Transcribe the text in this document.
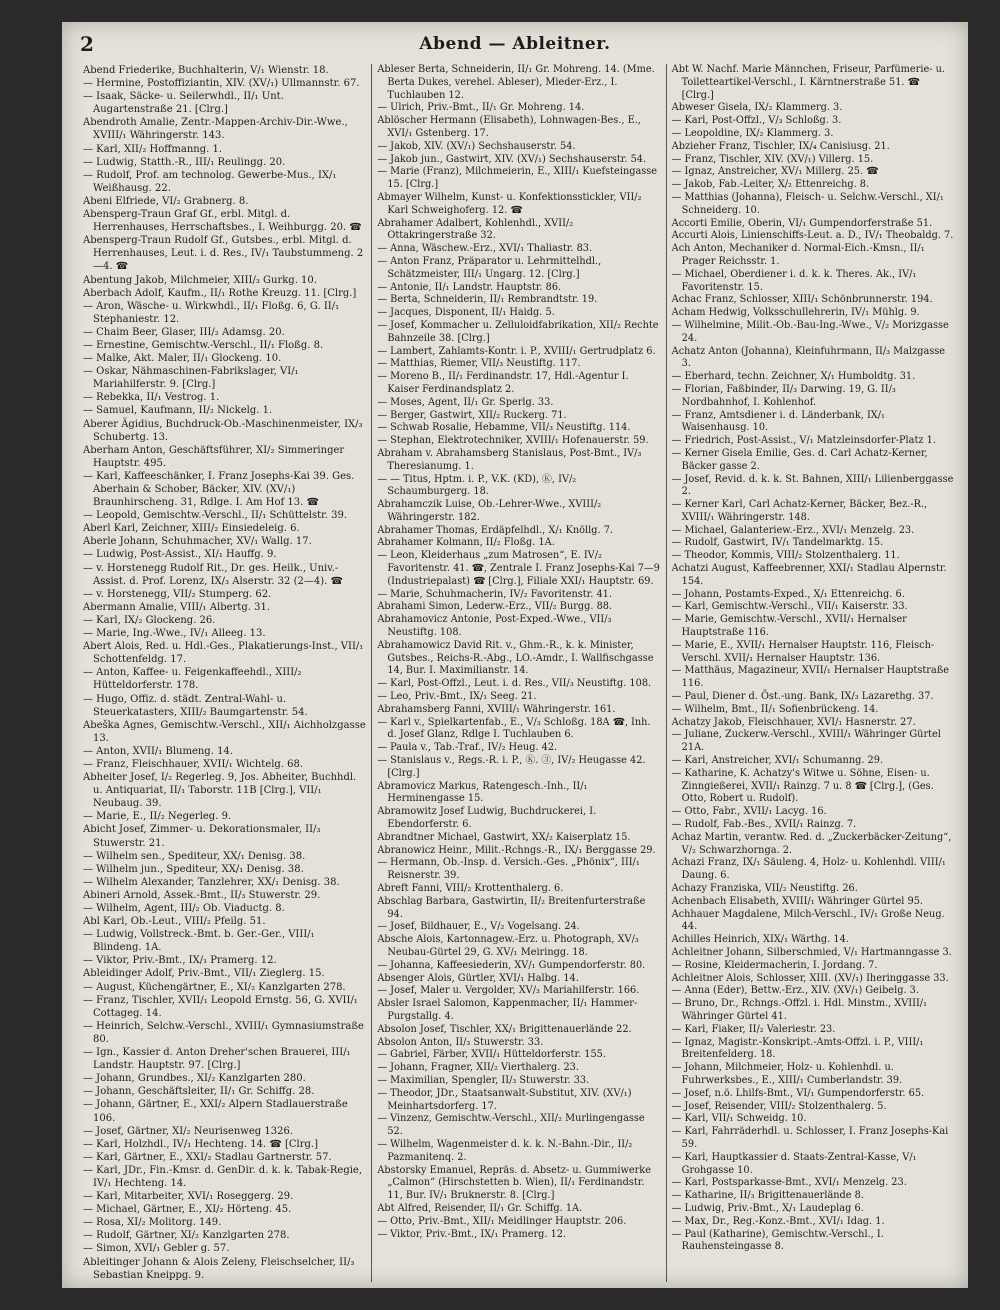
2	Abend — Ableitner.
Abend Friederike, Buchhalterin, V/₁ Wienstr. 18.
— Hermine, Postoffiziantin, XIV. (XV/₁) Ullmannstr. 67.
— Isaak, Säcke- u. Seilerwhdl., II/₁ Unt. Augartenstraße 21. [Clrg.]
Abendroth Amalie, Zentr.-Mappen-Archiv-Dir.-Wwe., XVIII/₁ Währingerstr. 143.
— Karl, XII/₂ Hoffmanng. 1.
— Ludwig, Statth.-R., III/₁ Reulingg. 20.
— Rudolf, Prof. am technolog. Gewerbe-Mus., IX/₁ Weißhausg. 22.
Abeni Elfriede, VI/₂ Grabnerg. 8.
Abensperg-Traun Graf Gf., erbl. Mitgl. d. Herrenhauses, Herrschaftsbes., I. Weihburgg. 20. ☎
Abensperg-Traun Rudolf Gf., Gutsbes., erbl. Mitgl. d. Herrenhauses, Leut. i. d. Res., IV/₁ Taubstummeng. 2—4. ☎
Abentung Jakob, Milchmeier, XIII/₃ Gurkg. 10.
Aberbach Adolf, Kaufm., II/₁ Rothe Kreuzg. 11. [Clrg.]
— Aron, Wäsche- u. Wirkwhdl., II/₁ Floßg. 6, G. II/₁ Stephaniestr. 12.
— Chaim Beer, Glaser, III/₂ Adamsg. 20.
— Ernestine, Gemischtw.-Verschl., II/₁ Floßg. 8.
— Malke, Akt. Maler, II/₁ Glockeng. 10.
— Oskar, Nähmaschinen-Fabrikslager, VI/₁ Mariahilferstr. 9. [Clrg.]
— Rebekka, II/₁ Vestrog. 1.
— Samuel, Kaufmann, II/₂ Nickelg. 1.
Aberer Ägidius, Buchdruck-Ob.-Maschinenmeister, IX/₃ Schubertg. 13.
Aberham Anton, Geschäftsführer, XI/₂ Simmeringer Hauptstr. 495.
— Karl, Kaffeeschänker, I. Franz Josephs-Kai 39. Ges. Aberhain & Schober, Bäcker, XIV. (XV/₁) Braunhirscheng. 31, Rdlge. I. Am Hof 13. ☎
— Leopold, Gemischtw.-Verschl., II/₁ Schüttelstr. 39.
Aberl Karl, Zeichner, XIII/₂ Einsiedeleig. 6.
Aberle Johann, Schuhmacher, XV/₁ Wallg. 17.
— Ludwig, Post-Assist., XI/₁ Hauffg. 9.
— v. Horstenegg Rudolf Rit., Dr. ges. Heilk., Univ.-Assist. d. Prof. Lorenz, IX/₃ Alserstr. 32 (2—4). ☎
— v. Horstenegg, VII/₂ Stumperg. 62.
Abermann Amalie, VIII/₁ Albertg. 31.
— Karl, IX/₂ Glockeng. 26.
— Marie, Ing.-Wwe., IV/₁ Alleeg. 13.
Abert Alois, Red. u. Hdl.-Ges., Plakatierungs-Inst., VII/₁ Schottenfeldg. 17.
— Anton, Kaffee- u. Feigenkaffeehdl., XIII/₂ Hütteldorferstr. 178.
— Hugo, Offiz. d. städt. Zentral-Wahl- u. Steuerkatasters, XIII/₂ Baumgartenstr. 54.
Abeška Agnes, Gemischtw.-Verschl., XII/₁ Aichholzgasse 13.
— Anton, XVII/₁ Blumeng. 14.
— Franz, Fleischhauer, XVII/₁ Wichtelg. 68.
Abheiter Josef, I/₂ Regerleg. 9, Jos. Abheiter, Buchhdl. u. Antiquariat, II/₁ Taborstr. 11B [Clrg.], VII/₁ Neubaug. 39.
— Marie, E., II/₂ Negerleg. 9.
Abicht Josef, Zimmer- u. Dekorationsmaler, II/₃ Stuwerstr. 21.
— Wilhelm sen., Spediteur, XX/₁ Denisg. 38.
— Wilhelm jun., Spediteur, XX/₁ Denisg. 38.
— Wilhelm Alexander, Tanzlehrer, XX/₁ Denisg. 38.
Abineri Arnold, Assek.-Bmt., II/₃ Stuwerstr. 29.
— Wilhelm, Agent, III/₂ Ob. Viaductg. 8.
Abl Karl, Ob.-Leut., VIII/₂ Pfeilg. 51.
— Ludwig, Vollstreck.-Bmt. b. Ger.-Ger., VIII/₁ Blindeng. 1A.
— Viktor, Priv.-Bmt., IX/₁ Pramerg. 12.
Ableidinger Adolf, Priv.-Bmt., VII/₁ Zieglerg. 15.
— August, Küchengärtner, E., XI/₂ Kanzlgarten 278.
— Franz, Tischler, XVII/₁ Leopold Ernstg. 56, G. XVII/₁ Cottageg. 14.
— Heinrich, Selchw.-Verschl., XVIII/₁ Gymnasiumstraße 80.
— Ign., Kassier d. Anton Dreher'schen Brauerei, III/₁ Landstr. Hauptstr. 97. [Clrg.]
— Johann, Grundbes., XI/₂ Kanzlgarten 280.
— Johann, Geschäftsleiter, II/₁ Gr. Schiffg. 28.
— Johann, Gärtner, E., XXI/₂ Alpern Stadlauerstraße 106.
— Josef, Gärtner, XI/₂ Neurisenweg 1326.
— Karl, Holzhdl., IV/₁ Hechteng. 14. ☎ [Clrg.]
— Karl, Gärtner, E., XXI/₂ Stadlau Gartnerstr. 57.
— Karl, JDr., Fin.-Kmsr. d. GenDir. d. k. k. Tabak-Regie, IV/₁ Hechteng. 14.
— Karl, Mitarbeiter, XVI/₁ Roseggerg. 29.
— Michael, Gärtner, E., XI/₂ Hörteng. 45.
— Rosa, XI/₂ Molitorg. 149.
— Rudolf, Gärtner, XI/₂ Kanzlgarten 278.
— Simon, XVI/₁ Gebler g. 57.
Ableitinger Johann & Alois Zeleny, Fleischselcher, II/₃ Sebastian Kneippg. 9.
Ableser Berta, Schneiderin, II/₁ Gr. Mohreng. 14. (Mme. Berta Dukes, verehel. Ableser), Mieder-Erz., I. Tuchlauben 12.
— Ulrich, Priv.-Bmt., II/₁ Gr. Mohreng. 14.
Ablöscher Hermann (Elisabeth), Lohnwagen-Bes., E., XVI/₁ Gstenberg. 17.
— Jakob, XIV. (XV/₁) Sechshauserstr. 54.
— Jakob jun., Gastwirt, XIV. (XV/₁) Sechshauserstr. 54.
— Marie (Franz), Milchmeierin, E., XIII/₁ Kuefsteingasse 15. [Clrg.]
Abmayer Wilhelm, Kunst- u. Konfektionsstickler, VII/₂ Karl Schweighoferg. 12. ☎
Abrahamer Adalbert, Kohlenhdl., XVII/₂ Ottakringerstraße 32.
— Anna, Wäschew.-Erz., XVI/₁ Thaliastr. 83.
— Anton Franz, Präparator u. Lehrmittelhdl., Schätzmeister, III/₁ Ungarg. 12. [Clrg.]
— Antonie, II/₁ Landstr. Hauptstr. 86.
— Berta, Schneiderin, II/₁ Rembrandtstr. 19.
— Jacques, Disponent, II/₁ Haidg. 5.
— Josef, Kommacher u. Zelluloidfabrikation, XII/₂ Rechte Bahnzeile 38. [Clrg.]
— Lambert, Zahlamts-Kontr. i. P., XVIII/₁ Gertrudplatz 6.
— Matthias, Riemer, VII/₃ Neustiftg. 117.
— Moreno B., II/₁ Ferdinandstr. 17, Hdl.-Agentur I. Kaiser Ferdinandsplatz 2.
— Moses, Agent, II/₁ Gr. Sperlg. 33.
— Berger, Gastwirt, XII/₂ Ruckerg. 71.
— Schwab Rosalie, Hebamme, VII/₃ Neustiftg. 114.
— Stephan, Elektrotechniker, XVIII/₁ Hofenauerstr. 59.
Abraham v. Abrahamsberg Stanislaus, Post-Bmt., IV/₃ Theresianumg. 1.
— — Titus, Hptm. i. P., V.K. (KD), Ⓚ, IV/₂ Schaumburgerg. 18.
Abrahamczik Luise, Ob.-Lehrer-Wwe., XVIII/₂ Währingerstr. 182.
Abrahamer Thomas, Erdäpfelhdl., X/₁ Knöllg. 7.
Abrahamer Kolmann, II/₂ Floßg. 1A.
— Leon, Kleiderhaus „zum Matrosen“, E. IV/₂ Favoritenstr. 41. ☎, Zentrale I. Franz Josephs-Kai 7—9 (Industriepalast) ☎ [Clrg.], Filiale XXI/₁ Hauptstr. 69.
— Marie, Schuhmacherin, IV/₂ Favoritenstr. 41.
Abrahami Simon, Lederw.-Erz., VII/₂ Burgg. 88.
Abrahamovicz Antonie, Post-Exped.-Wwe., VII/₃ Neustiftg. 108.
Abrahamowicz David Rit. v., Ghm.-R., k. k. Minister, Gutsbes., Reichs-R.-Abg., LO.-Amdr., I. Wallfischgasse 14, Bur. I. Maximilianstr. 14.
— Karl, Post-Offzl., Leut. i. d. Res., VII/₃ Neustiftg. 108.
— Leo, Priv.-Bmt., IX/₁ Seeg. 21.
Abrahamsberg Fanni, XVIII/₁ Währingerstr. 161.
— Karl v., Spielkartenfab., E., V/₃ Schloßg. 18A ☎, Inh. d. Josef Glanz, Rdlge I. Tuchlauben 6.
— Paula v., Tab.-Traf., IV/₂ Heug. 42.
— Stanislaus v., Regs.-R. i. P., Ⓚ. ③, IV/₂ Heugasse 42. [Clrg.]
Abramovicz Markus, Ratengesch.-Inh., II/₁ Herminengasse 15.
Abramowitz Josef Ludwig, Buchdruckerei, I. Ebendorferstr. 6.
Abrandtner Michael, Gastwirt, XX/₂ Kaiserplatz 15.
Abranowicz Heinr., Milit.-Rchngs.-R., IX/₁ Berggasse 29.
— Hermann, Ob.-Insp. d. Versich.-Ges. „Phönix“, III/₁ Reisnerstr. 39.
Abreft Fanni, VIII/₂ Krottenthalerg. 6.
Abschlag Barbara, Gastwirtin, II/₂ Breitenfurterstraße 94.
— Josef, Bildhauer, E., V/₂ Vogelsang. 24.
Absche Alois, Kartonnagew.-Erz. u. Photograph, XV/₃ Neubau-Gürtel 29, G. XV/₁ Meiringg. 18.
— Johanna, Kaffeesiederin, XV/₁ Gumpendorferstr. 80.
Absenger Alois, Gürtler, XVI/₁ Halbg. 14.
— Josef, Maler u. Vergolder, XV/₃ Mariahilferstr. 166.
Absler Israel Salomon, Kappenmacher, II/₁ Hammer-Purgstallg. 4.
Absolon Josef, Tischler, XX/₁ Brigittenauerlände 22.
Absolon Anton, II/₃ Stuwerstr. 33.
— Gabriel, Färber, XVII/₁ Hütteldorferstr. 155.
— Johann, Fragner, XII/₂ Vierthalerg. 23.
— Maximilian, Spengler, II/₃ Stuwerstr. 33.
— Theodor, JDr., Staatsanwalt-Substitut, XIV. (XV/₁) Meinhartsdorferg. 17.
— Vinzenz, Gemischtw.-Verschl., XII/₂ Murlingengasse 52.
— Wilhelm, Wagenmeister d. k. k. N.-Bahn.-Dir., II/₂ Pazmanitenq. 2.
Abstorsky Emanuel, Repräs. d. Absetz- u. Gummiwerke „Calmon“ (Hirschstetten b. Wien), II/₁ Ferdinandstr. 11, Bur. IV/₁ Bruknerstr. 8. [Clrg.]
Abt Alfred, Reisender, II/₁ Gr. Schiffg. 1A.
— Otto, Priv.-Bmt., XII/₁ Meidlinger Hauptstr. 206.
— Viktor, Priv.-Bmt., IX/₁ Pramerg. 12.
Abt W. Nachf. Marie Männchen, Friseur, Parfümerie- u. Toiletteartikel-Verschl., I. Kärntnerstraße 51. ☎ [Clrg.]
Abweser Gisela, IX/₂ Klammerg. 3.
— Karl, Post-Offzl., V/₃ Schloßg. 3.
— Leopoldine, IX/₂ Klammerg. 3.
Abzieher Franz, Tischler, IX/₄ Canisiusg. 21.
— Franz, Tischler, XIV. (XV/₁) Villerg. 15.
— Ignaz, Anstreicher, XV/₁ Millerg. 25. ☎
— Jakob, Fab.-Leiter, X/₂ Ettenreichg. 8.
— Matthias (Johanna), Fleisch- u. Selchw.-Verschl., XI/₁ Schneiderg. 10.
Accorti Emilie, Oberin, VI/₁ Gumpendorferstraße 51.
Accurti Alois, Linienschiffs-Leut. a. D., IV/₁ Theobaldg. 7.
Ach Anton, Mechaniker d. Normal-Eich.-Kmsn., II/₁ Prager Reichsstr. 1.
— Michael, Oberdiener i. d. k. k. Theres. Ak., IV/₁ Favoritenstr. 15.
Achac Franz, Schlosser, XIII/₁ Schönbrunnerstr. 194.
Acham Hedwig, Volksschullehrerin, IV/₁ Mühlg. 9.
— Wilhelmine, Milit.-Ob.-Bau-Ing.-Wwe., V/₂ Morizgasse 24.
Achatz Anton (Johanna), Kleinfuhrmann, II/₃ Malzgasse 3.
— Eberhard, techn. Zeichner, X/₁ Humboldtg. 31.
— Florian, Faßbinder, II/₃ Darwing. 19, G. II/₃ Nordbahnhof, I. Kohlenhof.
— Franz, Amtsdiener i. d. Länderbank, IX/₁ Waisenhausg. 10.
— Friedrich, Post-Assist., V/₁ Matzleinsdorfer-Platz 1.
— Kerner Gisela Emilie, Ges. d. Carl Achatz-Kerner, Bäcker gasse 2.
— Josef, Revid. d. k. k. St. Bahnen, XIII/₁ Lilienberggasse 2.
— Kerner Karl, Carl Achatz-Kerner, Bäcker, Bez.-R., XVIII/₁ Währingerstr. 148.
— Michael, Galanteriew.-Erz., XVI/₁ Menzelg. 23.
— Rudolf, Gastwirt, IV/₁ Tandelmarktg. 15.
— Theodor, Kommis, VIII/₂ Stolzenthalerg. 11.
Achatzi August, Kaffeebrenner, XXI/₁ Stadlau Alpernstr. 154.
— Johann, Postamts-Exped., X/₁ Ettenreichg. 6.
— Karl, Gemischtw.-Verschl., VII/₁ Kaiserstr. 33.
— Marie, Gemischtw.-Verschl., XVII/₁ Hernalser Hauptstraße 116.
— Marie, E., XVII/₁ Hernalser Hauptstr. 116, Fleisch-Verschl. XVII/₁ Hernalser Hauptstr. 136.
— Matthäus, Magazineur, XVII/₁ Hernalser Hauptstraße 116.
— Paul, Diener d. Öst.-ung. Bank, IX/₃ Lazarethg. 37.
— Wilhelm, Bmt., II/₁ Sofienbrückeng. 14.
Achatzy Jakob, Fleischhauer, XVI/₁ Hasnerstr. 27.
— Juliane, Zuckerw.-Verschl., XVIII/₁ Währinger Gürtel 21A.
— Karl, Anstreicher, XVI/₁ Schumanng. 29.
— Katharine, K. Achatzy's Witwe u. Söhne, Eisen- u. Zinngießerei, XVII/₁ Rainzg. 7 u. 8 ☎ [Clrg.], (Ges. Otto, Robert u. Rudolf).
— Otto, Fabr., XVII/₁ Lacyg. 16.
— Rudolf, Fab.-Bes., XVII/₁ Rainzg. 7.
Achaz Martin, verantw. Red. d. „Zuckerbäcker-Zeitung“, V/₂ Schwarzhornga. 2.
Achazi Franz, IX/₁ Säuleng. 4, Holz- u. Kohlenhdl. VIII/₁ Daung. 6.
Achazy Franziska, VII/₂ Neustiftg. 26.
Achenbach Elisabeth, XVIII/₁ Währinger Gürtel 95.
Achhauer Magdalene, Milch-Verschl., IV/₁ Große Neug. 44.
Achilles Heinrich, XIX/₁ Wärthg. 14.
Achleitner Johann, Silberschmied, V/₁ Hartmanngasse 3.
— Rosine, Kleidermacherin, I. Jordang. 7.
Achleitner Alois, Schlosser, XIII. (XV/₁) Iheringgasse 33.
— Anna (Eder), Bettw.-Erz., XIV. (XV/₁) Geibelg. 3.
— Bruno, Dr., Rchngs.-Offzl. i. Hdl. Minstm., XVIII/₁ Währinger Gürtel 41.
— Karl, Fiaker, II/₂ Valeriestr. 23.
— Ignaz, Magistr.-Konskript.-Amts-Offzl. i. P., VIII/₁ Breitenfelderg. 18.
— Johann, Milchmeier, Holz- u. Kohlenhdl. u. Fuhrwerksbes., E., XIII/₁ Cumberlandstr. 39.
— Josef, n.ö. Lhilfs-Bmt., VI/₁ Gumpendorferstr. 65.
— Josef, Reisender, VIII/₂ Stolzenthalerg. 5.
— Karl, VII/₁ Schweidg. 10.
— Karl, Fahrräderhdl. u. Schlosser, I. Franz Josephs-Kai 59.
— Karl, Hauptkassier d. Staats-Zentral-Kasse, V/₁ Grohgasse 10.
— Karl, Postsparkasse-Bmt., XVI/₁ Menzelg. 23.
— Katharine, II/₃ Brigittenauerlände 8.
— Ludwig, Priv.-Bmt., X/₁ Laudeplag 6.
— Max, Dr., Reg.-Konz.-Bmt., XVI/₁ Idag. 1.
— Paul (Katharine), Gemischtw.-Verschl., I. Rauhensteingasse 8.
